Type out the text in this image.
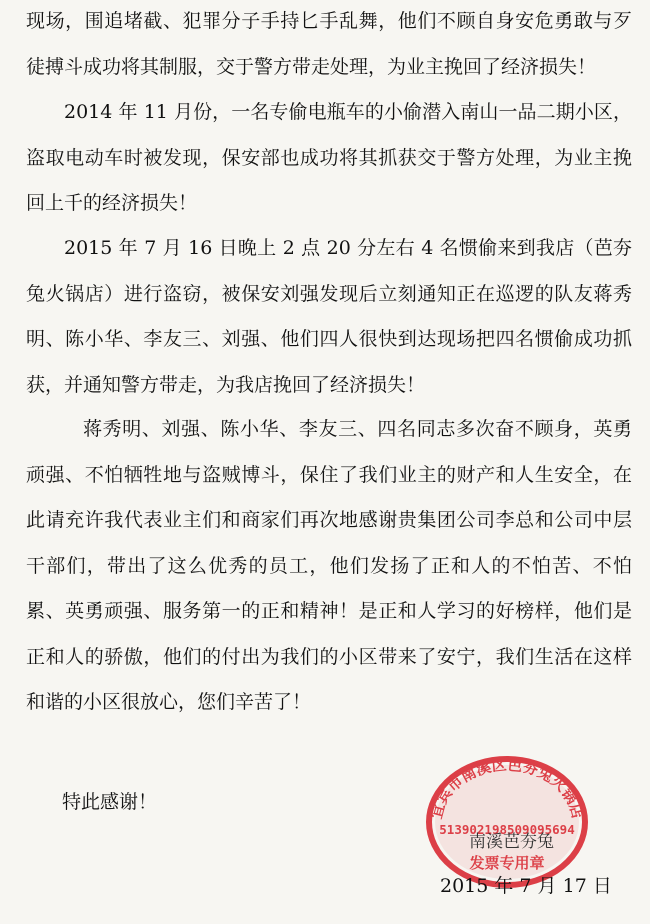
现场，围追堵截、犯罪分子手持匕手乱舞，他们不顾自身安危勇敢与歹徒搏斗成功将其制服，交于警方带走处理，为业主挽回了经济损失！

2014 年 11 月份，一名专偷电瓶车的小偷潜入南山一品二期小区，盗取电动车时被发现，保安部也成功将其抓获交于警方处理，为业主挽回上千的经济损失！

2015 年 7 月 16 日晚上 2 点 20 分左右 4 名惯偷来到我店（芭夯兔火锅店）进行盗窃，被保安刘强发现后立刻通知正在巡逻的队友蒋秀明、陈小华、李友三、刘强、他们四人很快到达现场把四名惯偷成功抓获，并通知警方带走，为我店挽回了经济损失！

蒋秀明、刘强、陈小华、李友三、四名同志多次奋不顾身，英勇顽强、不怕牺牲地与盗贼博斗，保住了我们业主的财产和人生安全，在此请充许我代表业主们和商家们再次地感谢贵集团公司李总和公司中层干部们，带出了这么优秀的员工，他们发扬了正和人的不怕苦、不怕累、英勇顽强、服务第一的正和精神！是正和人学习的好榜样，他们是正和人的骄傲，他们的付出为我们的小区带来了安宁，我们生活在这样和谐的小区很放心，您们辛苦了！

特此感谢！	宜宾市南溪区芭夯兔火锅店
513902198509095694
发票专用章
南溪芭夯兔
2015 年 7 月 17 日
